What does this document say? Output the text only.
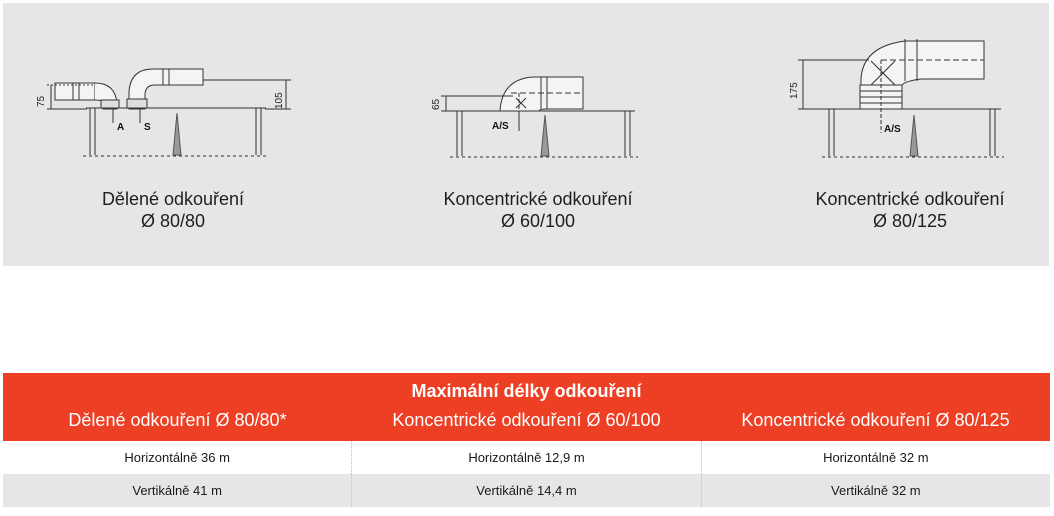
75	105
A S
Dělené odkouření
Ø 80/80
65
A/S
Koncentrické odkouření
Ø 60/100
175
A/S
Koncentrické odkouření
Ø 80/125
Maximální délky odkouření
Dělené odkouření Ø 80/80*	Koncentrické odkouření Ø 60/100	Koncentrické odkouření Ø 80/125
Horizontálně 36 m	Horizontálně 12,9 m	Horizontálně 32 m
Vertikálně 41 m	Vertikálně 14,4 m	Vertikálně 32 m
